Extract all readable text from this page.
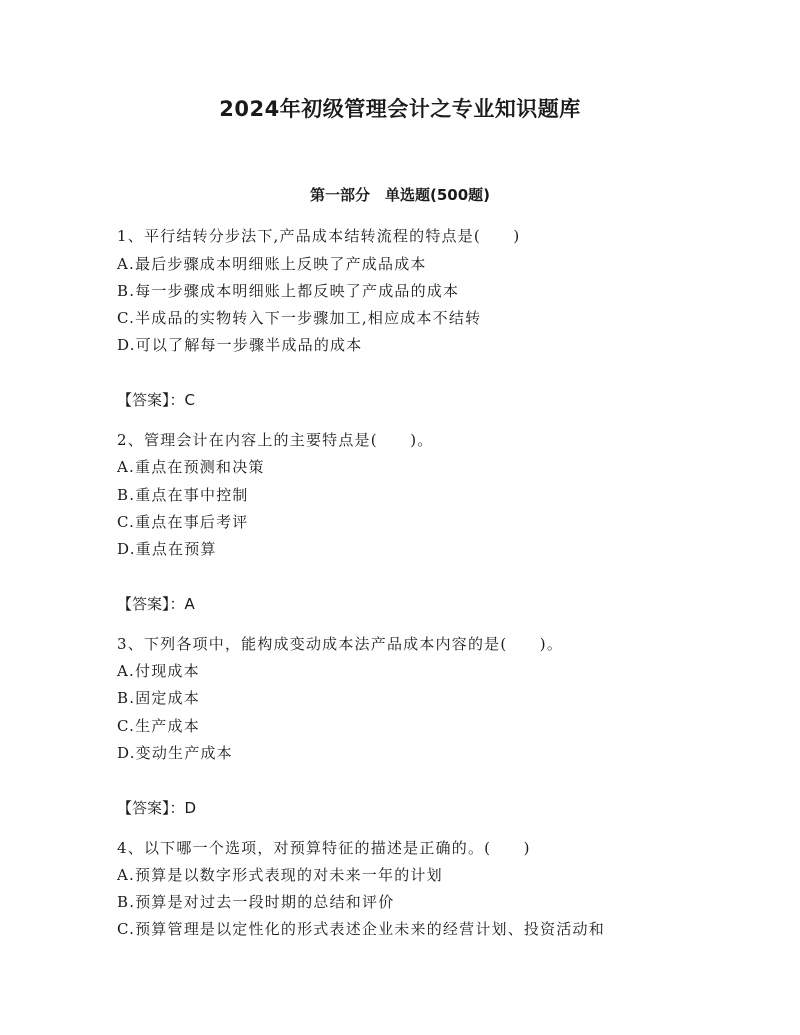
2024年初级管理会计之专业知识题库
第一部分　单选题(500题)
1、平行结转分步法下,产品成本结转流程的特点是(　　)
A.最后步骤成本明细账上反映了产成品成本
B.每一步骤成本明细账上都反映了产成品的成本
C.半成品的实物转入下一步骤加工,相应成本不结转
D.可以了解每一步骤半成品的成本
【答案】：C
2、管理会计在内容上的主要特点是(　　)。
A.重点在预测和决策
B.重点在事中控制
C.重点在事后考评
D.重点在预算
【答案】：A
3、下列各项中，能构成变动成本法产品成本内容的是(　　)。
A.付现成本
B.固定成本
C.生产成本
D.变动生产成本
【答案】：D
4、以下哪一个选项，对预算特征的描述是正确的。(　　)
A.预算是以数字形式表现的对未来一年的计划
B.预算是对过去一段时期的总结和评价
C.预算管理是以定性化的形式表述企业未来的经营计划、投资活动和
